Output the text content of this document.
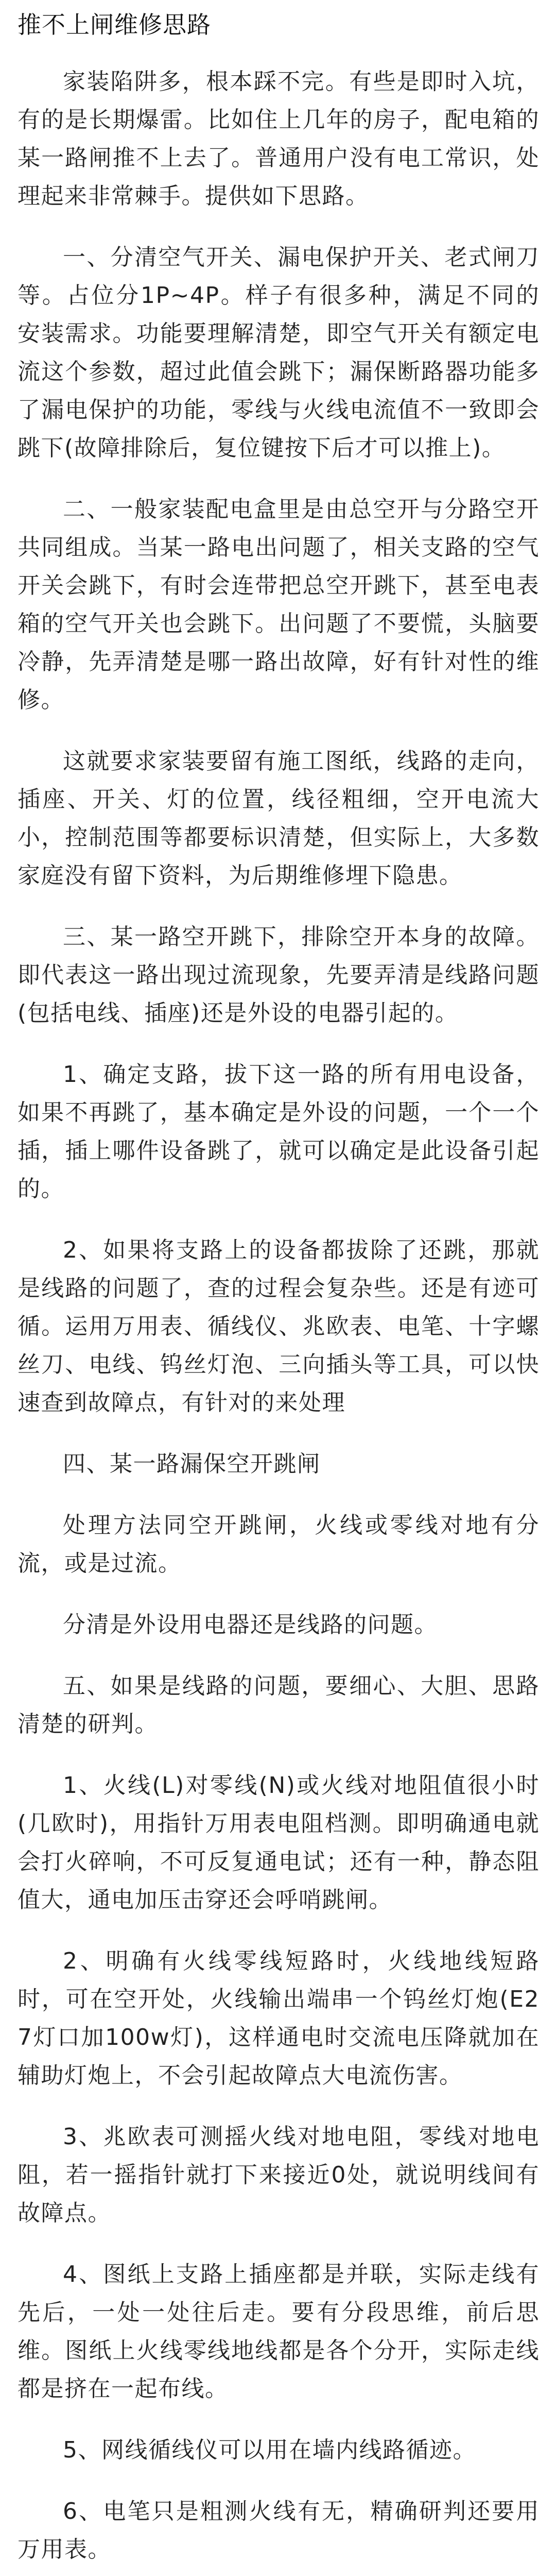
推不上闸维修思路

家装陷阱多，根本踩不完。有些是即时入坑，有的是长期爆雷。比如住上几年的房子，配电箱的某一路闸推不上去了。普通用户没有电工常识，处理起来非常棘手。提供如下思路。

一、分清空气开关、漏电保护开关、老式闸刀等。占位分1P~4P。样子有很多种，满足不同的安装需求。功能要理解清楚，即空气开关有额定电流这个参数，超过此值会跳下；漏保断路器功能多了漏电保护的功能，零线与火线电流值不一致即会跳下(故障排除后，复位键按下后才可以推上)。

二、一般家装配电盒里是由总空开与分路空开共同组成。当某一路电出问题了，相关支路的空气开关会跳下，有时会连带把总空开跳下，甚至电表箱的空气开关也会跳下。出问题了不要慌，头脑要冷静，先弄清楚是哪一路出故障，好有针对性的维修。

这就要求家装要留有施工图纸，线路的走向，插座、开关、灯的位置，线径粗细，空开电流大小，控制范围等都要标识清楚，但实际上，大多数家庭没有留下资料，为后期维修埋下隐患。

三、某一路空开跳下，排除空开本身的故障。即代表这一路出现过流现象，先要弄清是线路问题(包括电线、插座)还是外设的电器引起的。

1、确定支路，拔下这一路的所有用电设备，如果不再跳了，基本确定是外设的问题，一个一个插，插上哪件设备跳了，就可以确定是此设备引起的。

2、如果将支路上的设备都拔除了还跳，那就是线路的问题了，查的过程会复杂些。还是有迹可循。运用万用表、循线仪、兆欧表、电笔、十字螺丝刀、电线、钨丝灯泡、三向插头等工具，可以快速查到故障点，有针对的来处理

四、某一路漏保空开跳闸

处理方法同空开跳闸，火线或零线对地有分流，或是过流。

分清是外设用电器还是线路的问题。

五、如果是线路的问题，要细心、大胆、思路清楚的研判。

1、火线(L)对零线(N)或火线对地阻值很小时(几欧时)，用指针万用表电阻档测。即明确通电就会打火碎响，不可反复通电试；还有一种，静态阻值大，通电加压击穿还会呼哨跳闸。

2、明确有火线零线短路时，火线地线短路时，可在空开处，火线输出端串一个钨丝灯炮(E27灯口加100w灯)，这样通电时交流电压降就加在辅助灯炮上，不会引起故障点大电流伤害。

3、兆欧表可测摇火线对地电阻，零线对地电阻，若一摇指针就打下来接近0处，就说明线间有故障点。

4、图纸上支路上插座都是并联，实际走线有先后，一处一处往后走。要有分段思维，前后思维。图纸上火线零线地线都是各个分开，实际走线都是挤在一起布线。

5、网线循线仪可以用在墙内线路循迹。

6、电笔只是粗测火线有无，精确研判还要用万用表。
